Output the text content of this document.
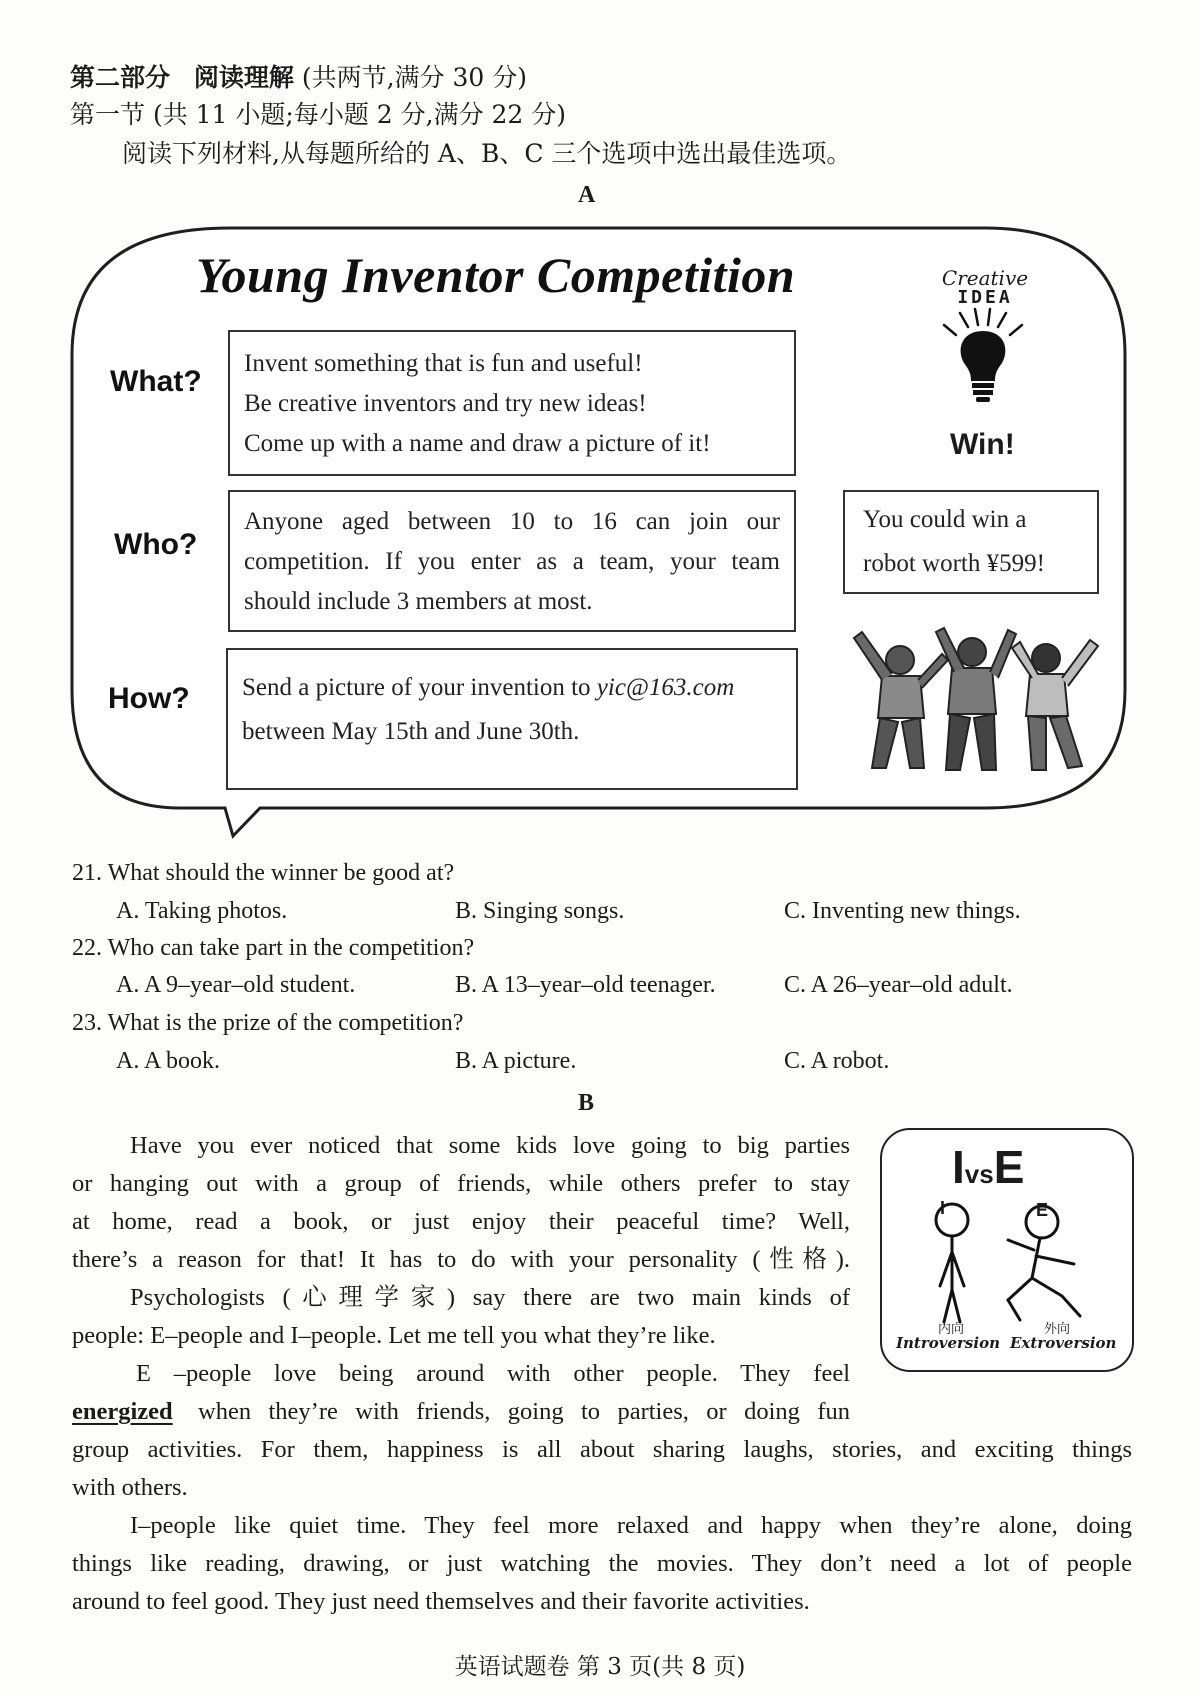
第二部分 阅读理解 (共两节,满分 30 分)
第一节 (共 11 小题;每小题 2 分,满分 22 分)
阅读下列材料,从每题所给的 A、B、C 三个选项中选出最佳选项。
A
Young Inventor Competition	Creative
IDEA
What?
Invent something that is fun and useful!
Be creative inventors and try new ideas!
Come up with a name and draw a picture of it!
Who?
Anyone aged between 10 to 16 can join our
competition. If you enter as a team, your team
should include 3 members at most.
How? Send a picture of your invention to yic@163.com
between May 15th and June 30th.
Win!
You could win a
robot worth ¥599!
21. What should the winner be good at?
A. Taking photos.	B. Singing songs.	C. Inventing new things.
22. Who can take part in the competition?
A. A 9–year–old student.	B. A 13–year–old teenager.	C. A 26–year–old adult.
23. What is the prize of the competition?
A. A book.	B. A picture.	C. A robot.
B
IvsE
I	E
内向	外向
Introversion Extroversion
Have you ever noticed that some kids love going to big parties
or hanging out with a group of friends, while others prefer to stay
at home, read a book, or just enjoy their peaceful time? Well,
there’s a reason for that! It has to do with your personality (性格).
Psychologists (心理学家) say there are two main kinds of
people: E–people and I–people. Let me tell you what they’re like.
E –people love being around with other people. They feel
energized when they’re with friends, going to parties, or doing fun
group activities. For them, happiness is all about sharing laughs, stories, and exciting things
with others.
I–people like quiet time. They feel more relaxed and happy when they’re alone, doing
things like reading, drawing, or just watching the movies. They don’t need a lot of people
around to feel good. They just need themselves and their favorite activities.
英语试题卷 第 3 页(共 8 页)
